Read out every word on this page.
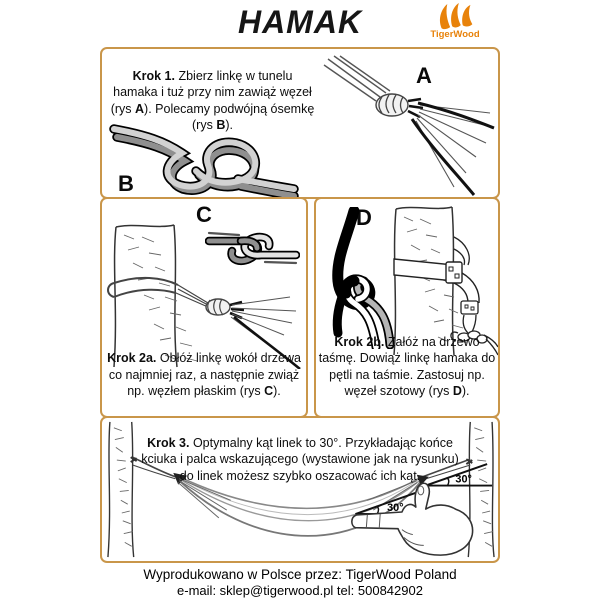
HAMAK	TigerWood

Krok 1. Zbierz linkę w tunelu hamaka i tuż przy nim zawiąż węzeł (rys A). Polecamy podwójną ósemkę (rys B).

A
B
C

Krok 2a. Obłóż linkę wokół drzewa co najmniej raz, a następnie zwiąż np. węzłem płaskim (rys C).

D

Krok 2b. Załóż na drzewo taśmę. Dowiąż linkę hamaka do pętli na taśmie. Zastosuj np. węzeł szotowy (rys D).

30°
30°

Krok 3. Optymalny kąt linek to 30°. Przykładając końce kciuka i palca wskazującego (wystawione jak na rysunku) do linek możesz szybko oszacować ich kąt.

Wyprodukowano w Polsce przez: TigerWood Poland
e-mail: sklep@tigerwood.pl tel: 500842902
